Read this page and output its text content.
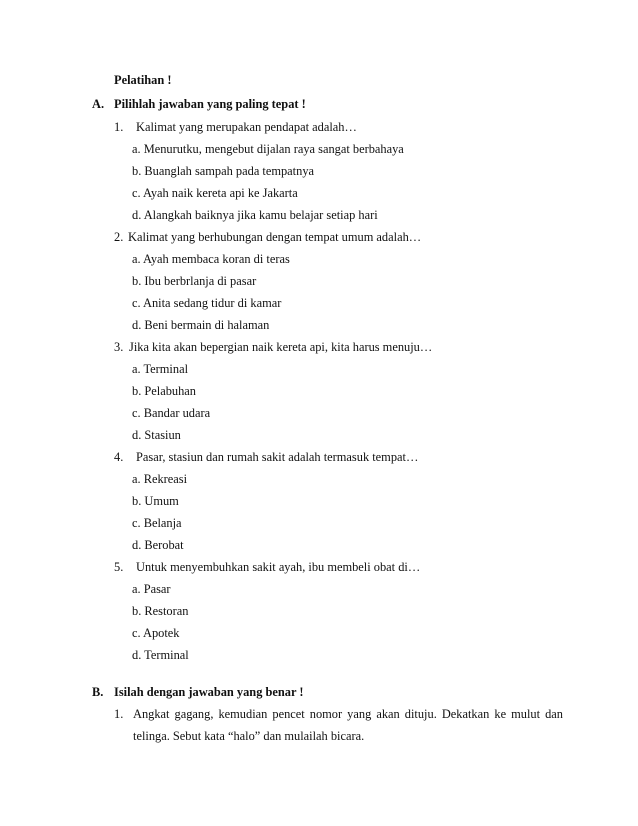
Pelatihan !
A. Pilihlah jawaban yang paling tepat !
1. Kalimat yang merupakan pendapat adalah…
a. Menurutku, mengebut dijalan raya sangat berbahaya
b. Buanglah sampah pada tempatnya
c. Ayah naik kereta api ke Jakarta
d. Alangkah baiknya jika kamu belajar setiap hari
2. Kalimat yang berhubungan dengan tempat umum adalah…
a. Ayah membaca koran di teras
b. Ibu berbrlanja di pasar
c. Anita sedang tidur di kamar
d. Beni bermain di halaman
3. Jika kita akan bepergian naik kereta api, kita harus menuju…
a. Terminal
b. Pelabuhan
c. Bandar udara
d. Stasiun
4. Pasar, stasiun dan rumah sakit adalah termasuk tempat…
a. Rekreasi
b. Umum
c. Belanja
d. Berobat
5. Untuk menyembuhkan sakit ayah, ibu membeli obat di…
a. Pasar
b. Restoran
c. Apotek
d. Terminal
B. Isilah dengan jawaban yang benar !
1. Angkat gagang, kemudian pencet nomor yang akan dituju. Dekatkan ke mulut dan
telinga. Sebut kata “halo” dan mulailah bicara.
